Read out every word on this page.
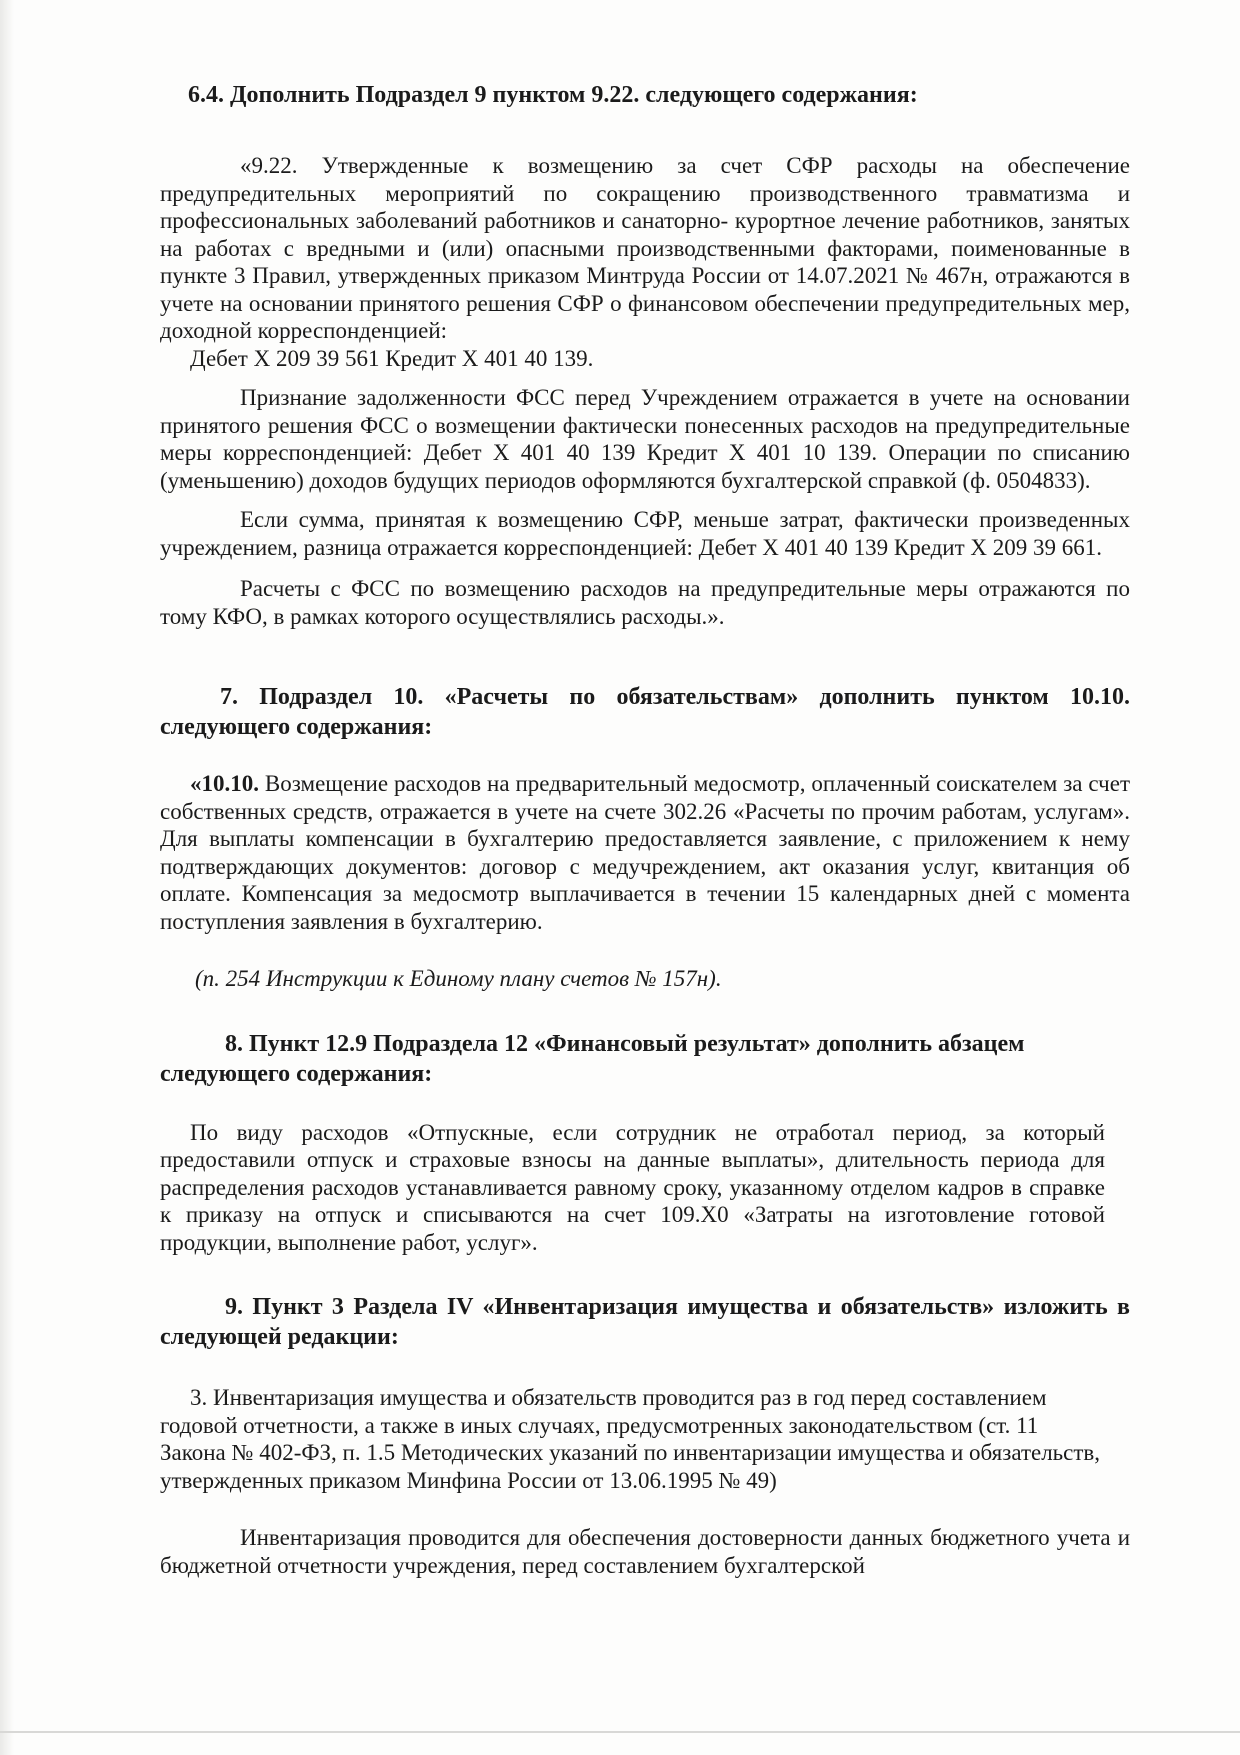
6.4. Дополнить Подраздел 9 пунктом 9.22. следующего содержания:

«9.22. Утвержденные к возмещению за счет СФР расходы на обеспечение предупредительных мероприятий по сокращению производственного травматизма и профессиональных заболеваний работников и санаторно- курортное лечение работников, занятых на работах с вредными и (или) опасными производственными факторами, поименованные в пункте 3 Правил, утвержденных приказом Минтруда России от 14.07.2021 № 467н, отражаются в учете на основании принятого решения СФР о финансовом обеспечении предупредительных мер, доходной корреспонденцией:

Дебет Х 209 39 561 Кредит Х 401 40 139.

Признание задолженности ФСС перед Учреждением отражается в учете на основании принятого решения ФСС о возмещении фактически понесенных расходов на предупредительные меры корреспонденцией: Дебет Х 401 40 139 Кредит Х 401 10 139. Операции по списанию (уменьшению) доходов будущих периодов оформляются бухгалтерской справкой (ф. 0504833).

Если сумма, принятая к возмещению СФР, меньше затрат, фактически произведенных учреждением, разница отражается корреспонденцией: Дебет Х 401 40 139 Кредит Х 209 39 661.

Расчеты с ФСС по возмещению расходов на предупредительные меры отражаются по тому КФО, в рамках которого осуществлялись расходы.».

7. Подраздел 10. «Расчеты по обязательствам» дополнить пунктом 10.10. следующего содержания:

«10.10. Возмещение расходов на предварительный медосмотр, оплаченный соискателем за счет собственных средств, отражается в учете на счете 302.26 «Расчеты по прочим работам, услугам». Для выплаты компенсации в бухгалтерию предоставляется заявление, с приложением к нему подтверждающих документов: договор с медучреждением, акт оказания услуг, квитанция об оплате. Компенсация за медосмотр выплачивается в течении 15 календарных дней с момента поступления заявления в бухгалтерию.

(п. 254 Инструкции к Единому плану счетов № 157н).

8. Пункт 12.9 Подраздела 12 «Финансовый результат» дополнить абзацем следующего содержания:

По виду расходов «Отпускные, если сотрудник не отработал период, за который предоставили отпуск и страховые взносы на данные выплаты», длительность периода для распределения расходов устанавливается равному сроку, указанному отделом кадров в справке к приказу на отпуск и списываются на счет 109.Х0 «Затраты на изготовление готовой продукции, выполнение работ, услуг».

9. Пункт 3 Раздела IV «Инвентаризация имущества и обязательств» изложить в следующей редакции:

3. Инвентаризация имущества и обязательств проводится раз в год перед составлением годовой отчетности, а также в иных случаях, предусмотренных законодательством (ст. 11 Закона № 402-ФЗ, п. 1.5 Методических указаний по инвентаризации имущества и обязательств, утвержденных приказом Минфина России от 13.06.1995 № 49)

Инвентаризация проводится для обеспечения достоверности данных бюджетного учета и бюджетной отчетности учреждения, перед составлением бухгалтерской
